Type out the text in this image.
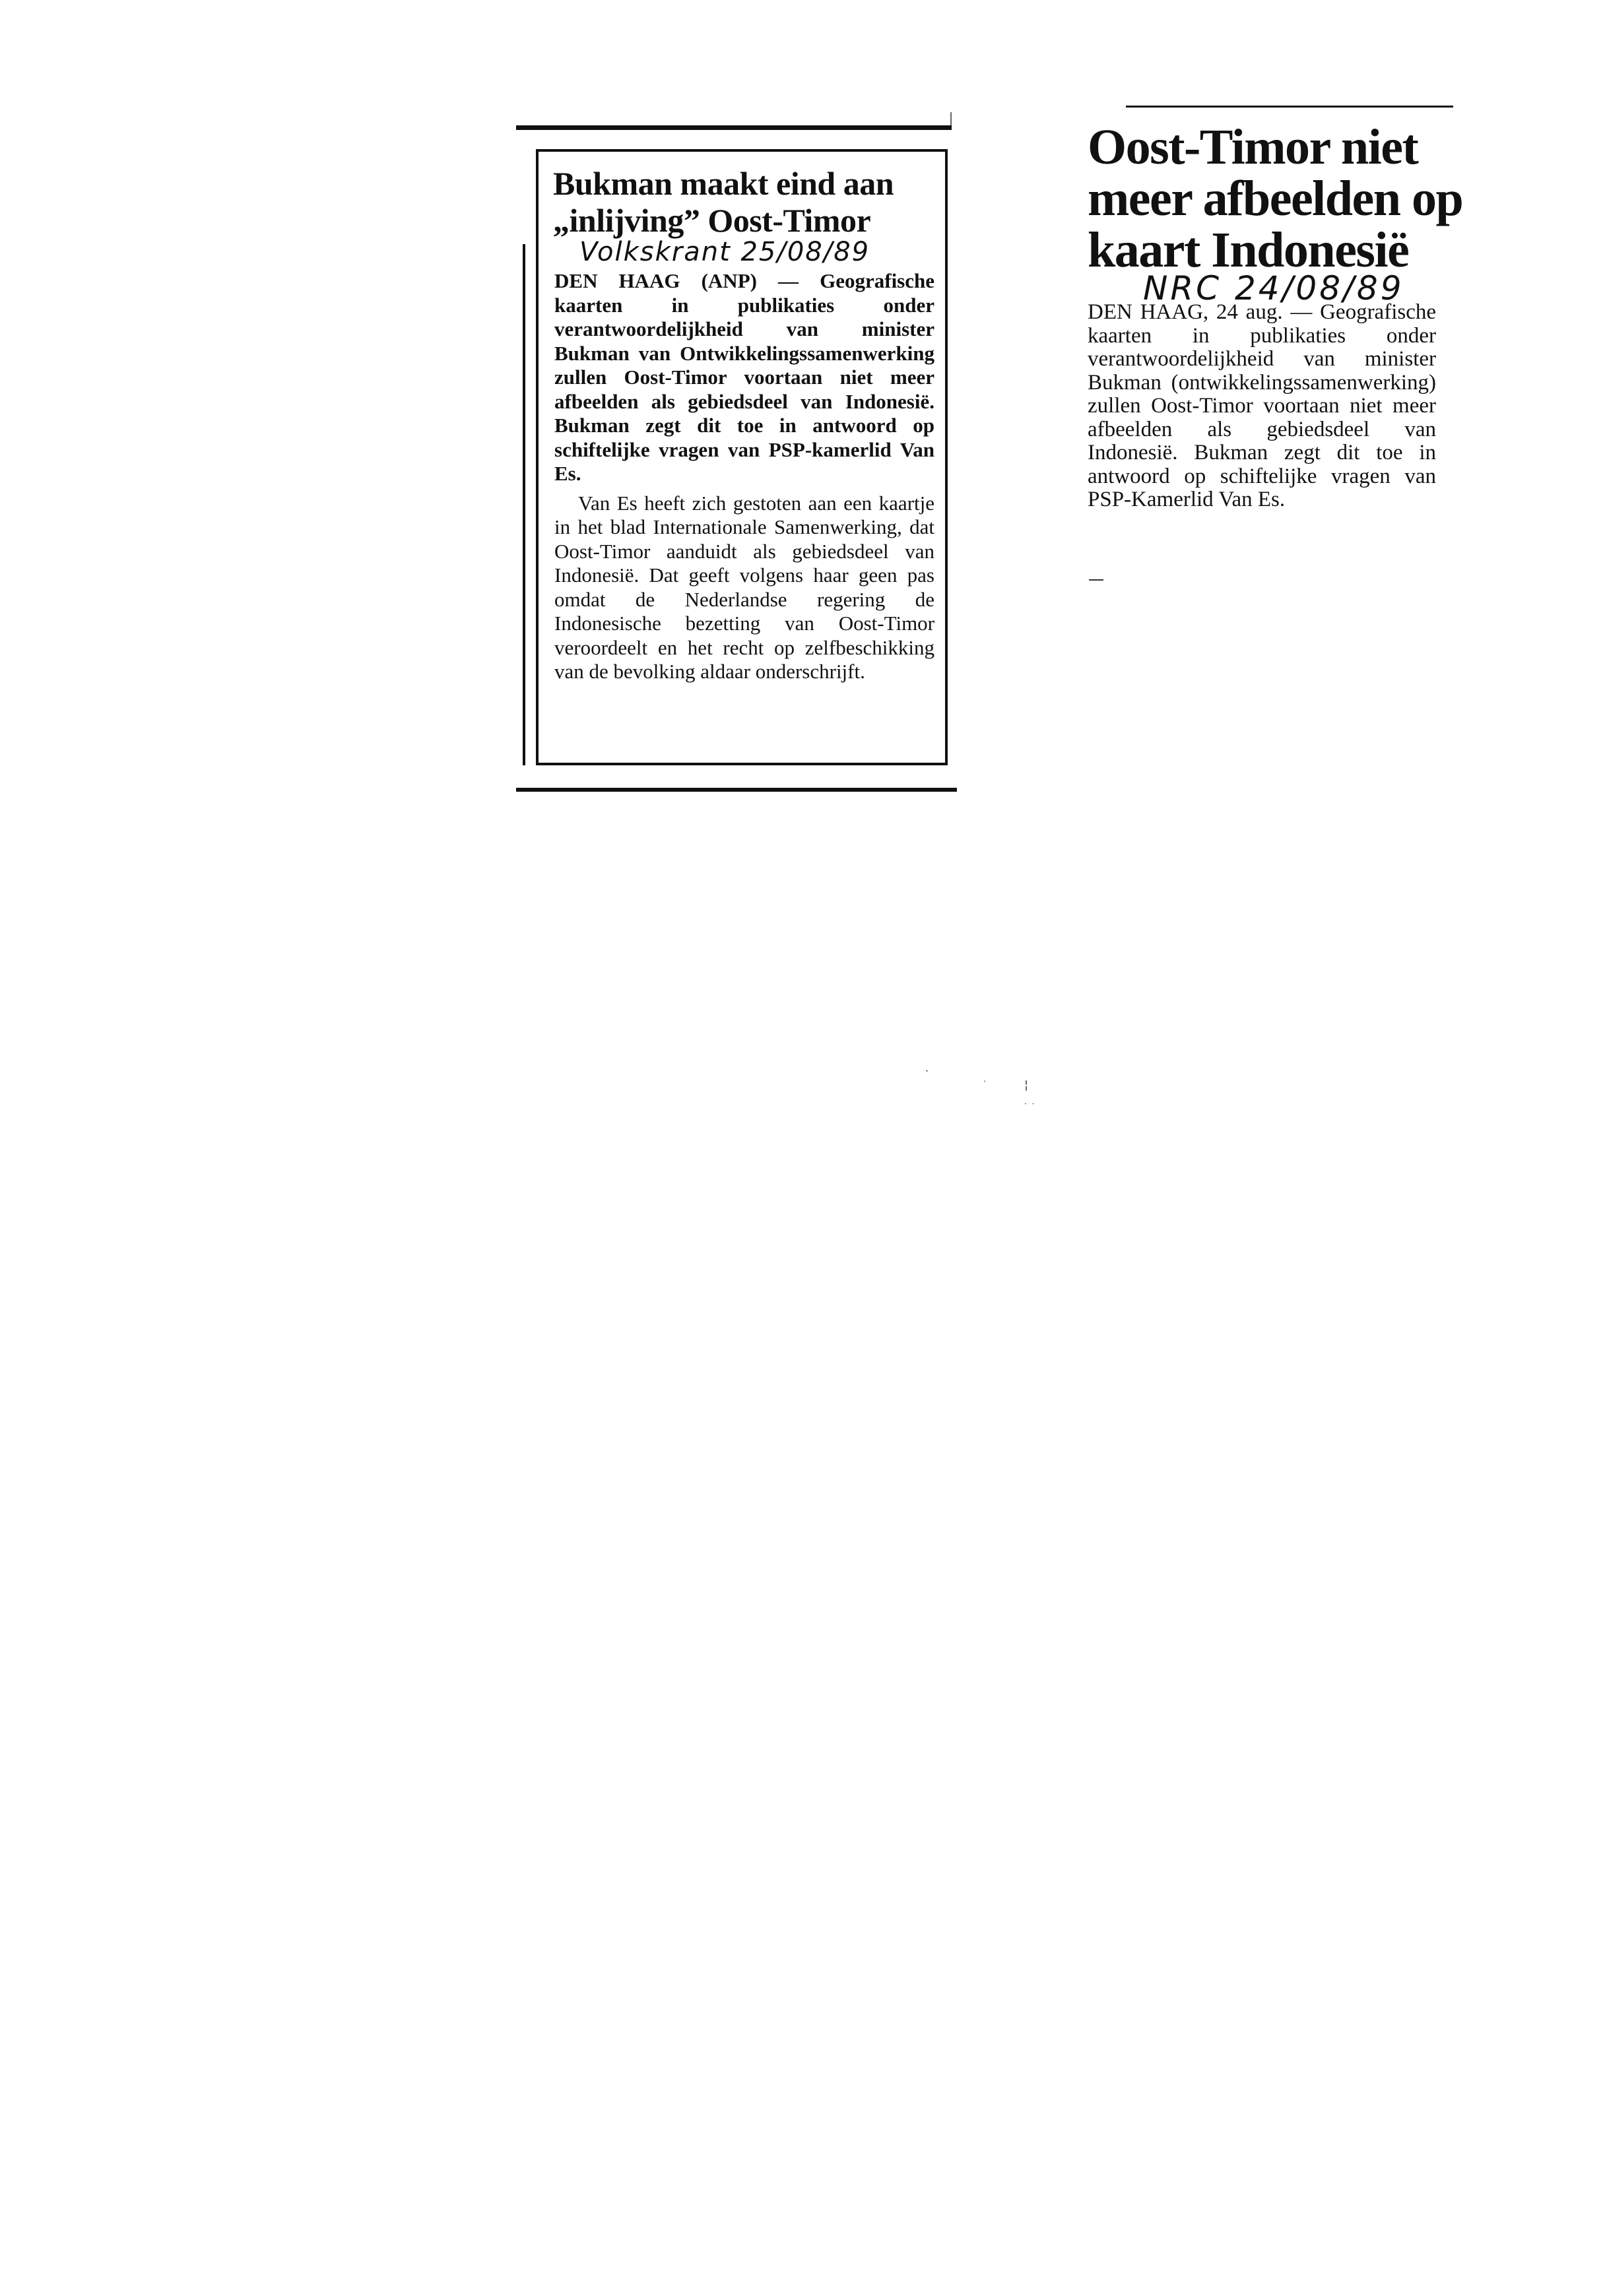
Bukman maakt eind aan „inlijving” Oost-Timor
Volkskrant 25/08/89

DEN HAAG (ANP) — Geografische kaarten in publikaties onder verantwoordelijkheid van minister Bukman van Ontwikkelingssamenwerking zullen Oost-Timor voortaan niet meer afbeelden als gebiedsdeel van Indonesië. Bukman zegt dit toe in antwoord op schiftelijke vragen van PSP-kamerlid Van Es.

Van Es heeft zich gestoten aan een kaartje in het blad Internationale Samenwerking, dat Oost-Timor aanduidt als gebiedsdeel van Indonesië. Dat geeft volgens haar geen pas omdat de Nederlandse regering de Indonesische bezetting van Oost-Timor veroordeelt en het recht op zelfbeschikking van de bevolking aldaar onderschrijft.

Oost-Timor niet meer afbeelden op kaart Indonesië
NRC 24/08/89

DEN HAAG, 24 aug. — Geografische kaarten in publikaties onder verantwoordelijkheid van minister Bukman (ontwikkelingssamenwerking) zullen Oost-Timor voortaan niet meer afbeelden als gebiedsdeel van Indonesië. Bukman zegt dit toe in antwoord op schiftelijke vragen van PSP-Kamerlid Van Es.

˙	·	¦
· ·
